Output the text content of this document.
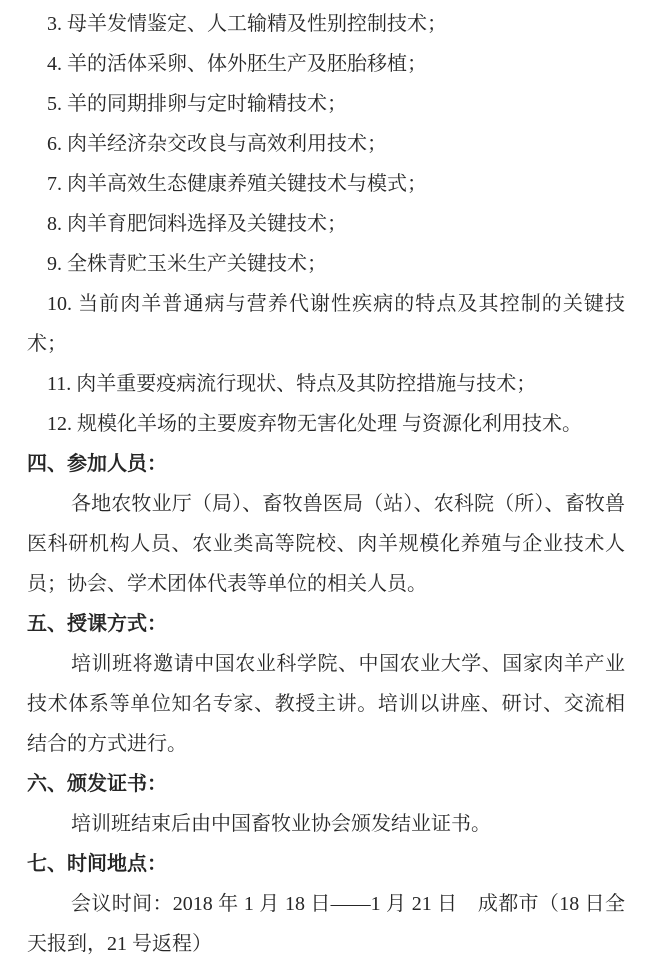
3. 母羊发情鉴定、人工输精及性别控制技术；

4. 羊的活体采卵、体外胚生产及胚胎移植；

5. 羊的同期排卵与定时输精技术；

6. 肉羊经济杂交改良与高效利用技术；

7. 肉羊高效生态健康养殖关键技术与模式；

8. 肉羊育肥饲料选择及关键技术；

9. 全株青贮玉米生产关键技术；

10. 当前肉羊普通病与营养代谢性疾病的特点及其控制的关键技术；

11. 肉羊重要疫病流行现状、特点及其防控措施与技术；

12. 规模化羊场的主要废弃物无害化处理 与资源化利用技术。

四、参加人员：

各地农牧业厅（局）、畜牧兽医局（站）、农科院（所）、畜牧兽医科研机构人员、农业类高等院校、肉羊规模化养殖与企业技术人员；协会、学术团体代表等单位的相关人员。

五、授课方式：

培训班将邀请中国农业科学院、中国农业大学、国家肉羊产业技术体系等单位知名专家、教授主讲。培训以讲座、研讨、交流相结合的方式进行。

六、颁发证书：

培训班结束后由中国畜牧业协会颁发结业证书。

七、时间地点：

会议时间：2018 年 1 月 18 日——1 月 21 日　成都市（18 日全天报到，21 号返程）
